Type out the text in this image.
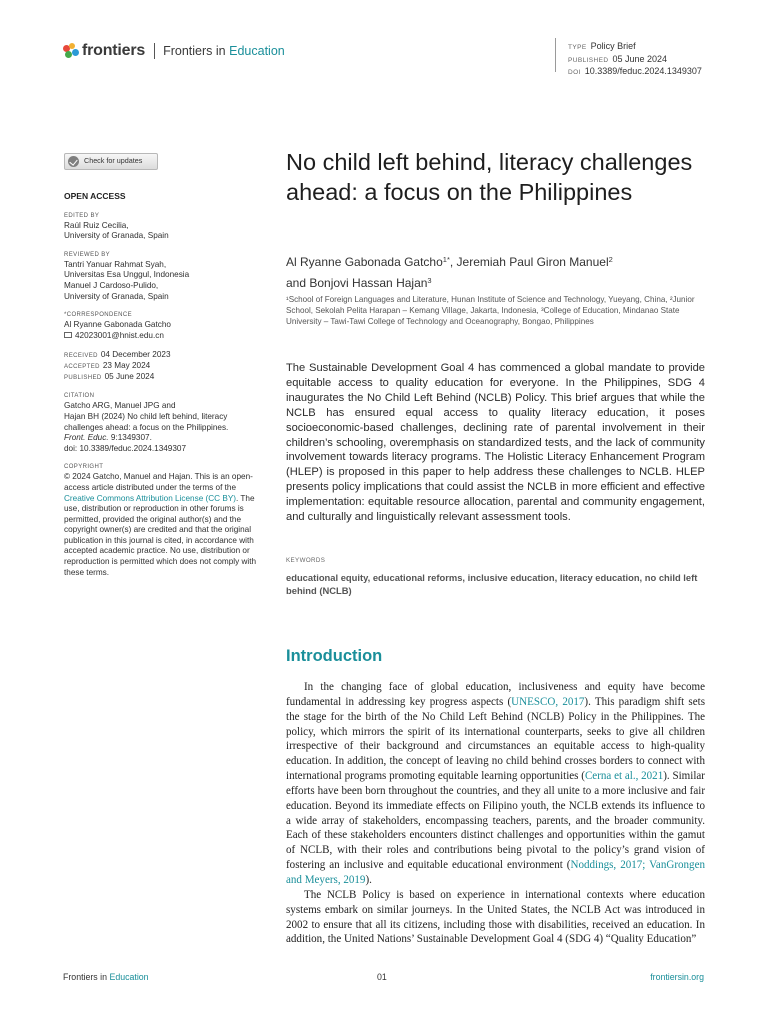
frontiers Frontiers in Education	TYPE Policy Brief
PUBLISHED 05 June 2024
DOI 10.3389/feduc.2024.1349307
Check for updates
OPEN ACCESS
EDITED BY
Raúl Ruiz Cecilia,
University of Granada, Spain
REVIEWED BY
Tantri Yanuar Rahmat Syah,
Universitas Esa Unggul, Indonesia
Manuel J Cardoso-Pulido,
University of Granada, Spain
*CORRESPONDENCE
Al Ryanne Gabonada Gatcho
42023001@hnist.edu.cn
RECEIVED 04 December 2023
ACCEPTED 23 May 2024
PUBLISHED 05 June 2024
CITATION
Gatcho ARG, Manuel JPG and
Hajan BH (2024) No child left behind, literacy
challenges ahead: a focus on the Philippines.
Front. Educ. 9:1349307.
doi: 10.3389/feduc.2024.1349307
COPYRIGHT
© 2024 Gatcho, Manuel and Hajan. This is an open-access article distributed under the terms of the Creative Commons Attribution License (CC BY). The use, distribution or reproduction in other forums is permitted, provided the original author(s) and the copyright owner(s) are credited and that the original publication in this journal is cited, in accordance with accepted academic practice. No use, distribution or reproduction is permitted which does not comply with these terms.
No child left behind, literacy challenges ahead: a focus on the Philippines
Al Ryanne Gabonada Gatcho$^{1*}$, Jeremiah Paul Giron Manuel$^2$
and Bonjovi Hassan Hajan$^3$
¹School of Foreign Languages and Literature, Hunan Institute of Science and Technology, Yueyang, China, ²Junior School, Sekolah Pelita Harapan – Kemang Village, Jakarta, Indonesia, ³College of Education, Mindanao State University – Tawi-Tawi College of Technology and Oceanography, Bongao, Philippines
The Sustainable Development Goal 4 has commenced a global mandate to provide equitable access to quality education for everyone. In the Philippines, SDG 4 inaugurates the No Child Left Behind (NCLB) Policy. This brief argues that while the NCLB has ensured equal access to quality literacy education, it poses socioeconomic-based challenges, declining rate of parental involvement in their children’s schooling, overemphasis on standardized tests, and the lack of community involvement towards literacy programs. The Holistic Literacy Enhancement Program (HLEP) is proposed in this paper to help address these challenges to NCLB. HLEP presents policy implications that could assist the NCLB in more efficient and effective implementation: equitable resource allocation, parental and community engagement, and culturally and linguistically relevant assessment tools.
KEYWORDS
educational equity, educational reforms, inclusive education, literacy education, no child left behind (NCLB)
Introduction

In the changing face of global education, inclusiveness and equity have become fundamental in addressing key progress aspects (UNESCO, 2017). This paradigm shift sets the stage for the birth of the No Child Left Behind (NCLB) Policy in the Philippines. The policy, which mirrors the spirit of its international counterparts, seeks to give all children irrespective of their background and circumstances an equitable access to high-quality education. In addition, the concept of leaving no child behind crosses borders to connect with international programs promoting equitable learning opportunities (Cerna et al., 2021). Similar efforts have been born throughout the countries, and they all unite to a more inclusive and fair education. Beyond its immediate effects on Filipino youth, the NCLB extends its influence to a wide array of stakeholders, encompassing teachers, parents, and the broader community. Each of these stakeholders encounters distinct challenges and opportunities within the gamut of NCLB, with their roles and contributions being pivotal to the policy’s grand vision of fostering an inclusive and equitable educational environment (Noddings, 2017; VanGrongen and Meyers, 2019).

The NCLB Policy is based on experience in international contexts where education systems embark on similar journeys. In the United States, the NCLB Act was introduced in 2002 to ensure that all its citizens, including those with disabilities, received an education. In addition, the United Nations’ Sustainable Development Goal 4 (SDG 4) “Quality Education”

Frontiers in Education	01	frontiersin.org
